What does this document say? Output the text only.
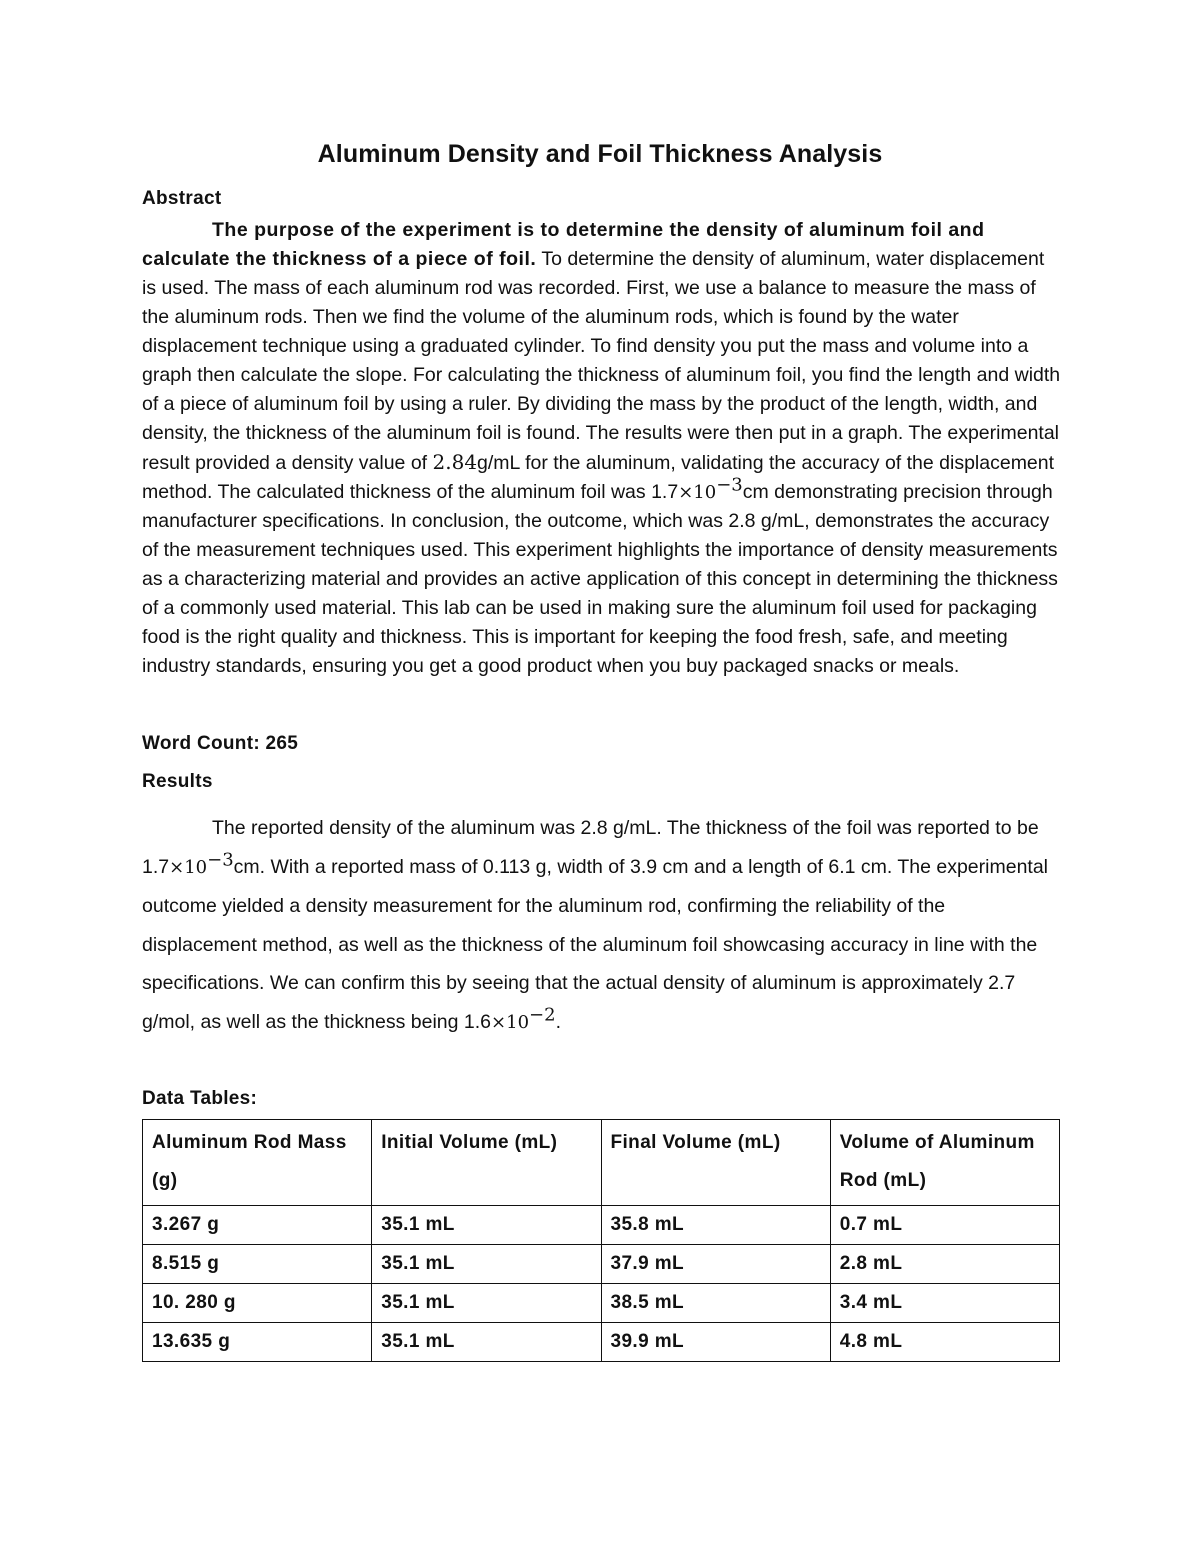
Aluminum Density and Foil Thickness Analysis
Abstract

The purpose of the experiment is to determine the density of aluminum foil and calculate the thickness of a piece of foil. To determine the density of aluminum, water displacement is used. The mass of each aluminum rod was recorded. First, we use a balance to measure the mass of the aluminum rods. Then we find the volume of the aluminum rods, which is found by the water displacement technique using a graduated cylinder. To find density you put the mass and volume into a graph then calculate the slope. For calculating the thickness of aluminum foil, you find the length and width of a piece of aluminum foil by using a ruler. By dividing the mass by the product of the length, width, and density, the thickness of the aluminum foil is found. The results were then put in a graph. The experimental result provided a density value of 2.84g/mL for the aluminum, validating the accuracy of the displacement method. The calculated thickness of the aluminum foil was $1.7\times 10^{-3}cm$ demonstrating precision through manufacturer specifications. In conclusion, the outcome, which was 2.8 g/mL, demonstrates the accuracy of the measurement techniques used. This experiment highlights the importance of density measurements as a characterizing material and provides an active application of this concept in determining the thickness of a commonly used material. This lab can be used in making sure the aluminum foil used for packaging food is the right quality and thickness. This is important for keeping the food fresh, safe, and meeting industry standards, ensuring you get a good product when you buy packaged snacks or meals.

Word Count: 265
Results

The reported density of the aluminum was 2.8 g/mL. The thickness of the foil was reported to be $1.7\times 10^{-3}cm$. With a reported mass of 0.113 g, width of 3.9 cm and a length of 6.1 cm. The experimental outcome yielded a density measurement for the aluminum rod, confirming the reliability of the displacement method, as well as the thickness of the aluminum foil showcasing accuracy in line with the specifications. We can confirm this by seeing that the actual density of aluminum is approximately 2.7 g/mol, as well as the thickness being $1.6\times 10^{-2}$.

Data Tables:
Aluminum Rod Mass (g)	Initial Volume (mL)	Final Volume (mL)	Volume of Aluminum Rod (mL)
3.267 g	35.1 mL	35.8 mL	0.7 mL
8.515 g	35.1 mL	37.9 mL	2.8 mL
10. 280 g	35.1 mL	38.5 mL	3.4 mL
13.635 g	35.1 mL	39.9 mL	4.8 mL
